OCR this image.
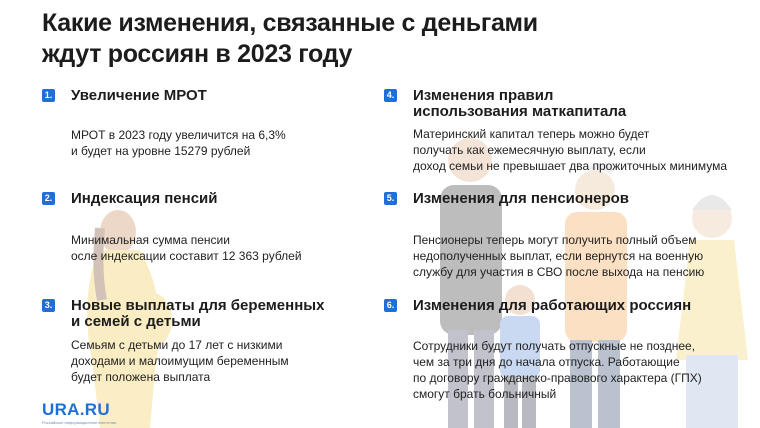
Какие изменения, связанные с деньгами
ждут россиян в 2023 году
1. Увеличение МРОТ
МРОТ в 2023 году увеличится на 6,3%
и будет на уровне 15279 рублей
2. Индексация пенсий
Минимальная сумма пенсии
осле индексации составит 12 363 рублей
3. Новые выплаты для беременных
и семей с детьми
Семьям с детьми до 17 лет с низкими
доходами и малоимущим беременным
будет положена выплата
4. Изменения правил
использования маткапитала
Материнский капитал теперь можно будет
получать как ежемесячную выплату, если
доход семьи не превышает два прожиточных минимума
5. Изменения для пенсионеров
Пенсионеры теперь могут получить полный объем
недополученных выплат, если вернутся на военную
службу для участия в СВО после выхода на пенсию
6. Изменения для работающих россиян
Сотрудники будут получать отпускные не позднее,
чем за три дня до начала отпуска. Работающие
по договору гражданско-правового характера (ГПХ)
смогут брать больничный
URA.RU
Российское информационное агентство
